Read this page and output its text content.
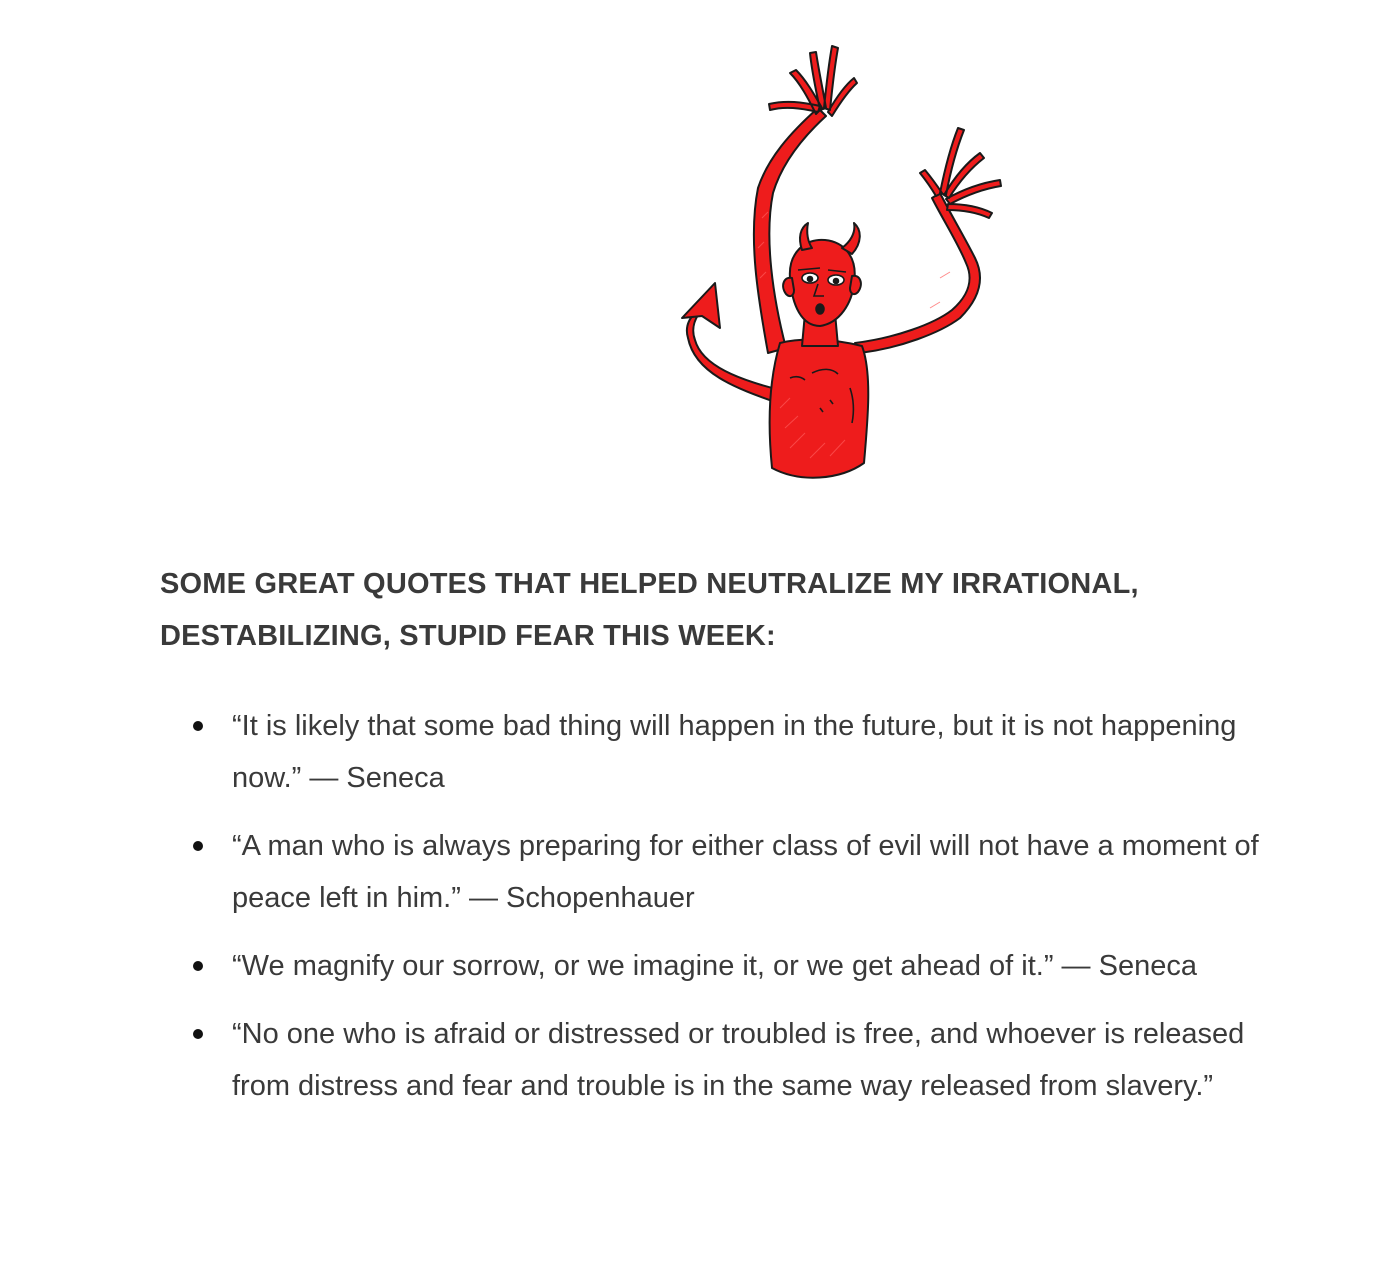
SOME GREAT QUOTES THAT HELPED NEUTRALIZE MY IRRATIONAL, DESTABILIZING, STUPID FEAR THIS WEEK:
“It is likely that some bad thing will happen in the future, but it is not happening now.” — Seneca
“A man who is always preparing for either class of evil will not have a moment of peace left in him.” — Schopenhauer
“We magnify our sorrow, or we imagine it, or we get ahead of it.” — Seneca
“No one who is afraid or distressed or troubled is free, and whoever is released from distress and fear and trouble is in the same way released from slavery.”
